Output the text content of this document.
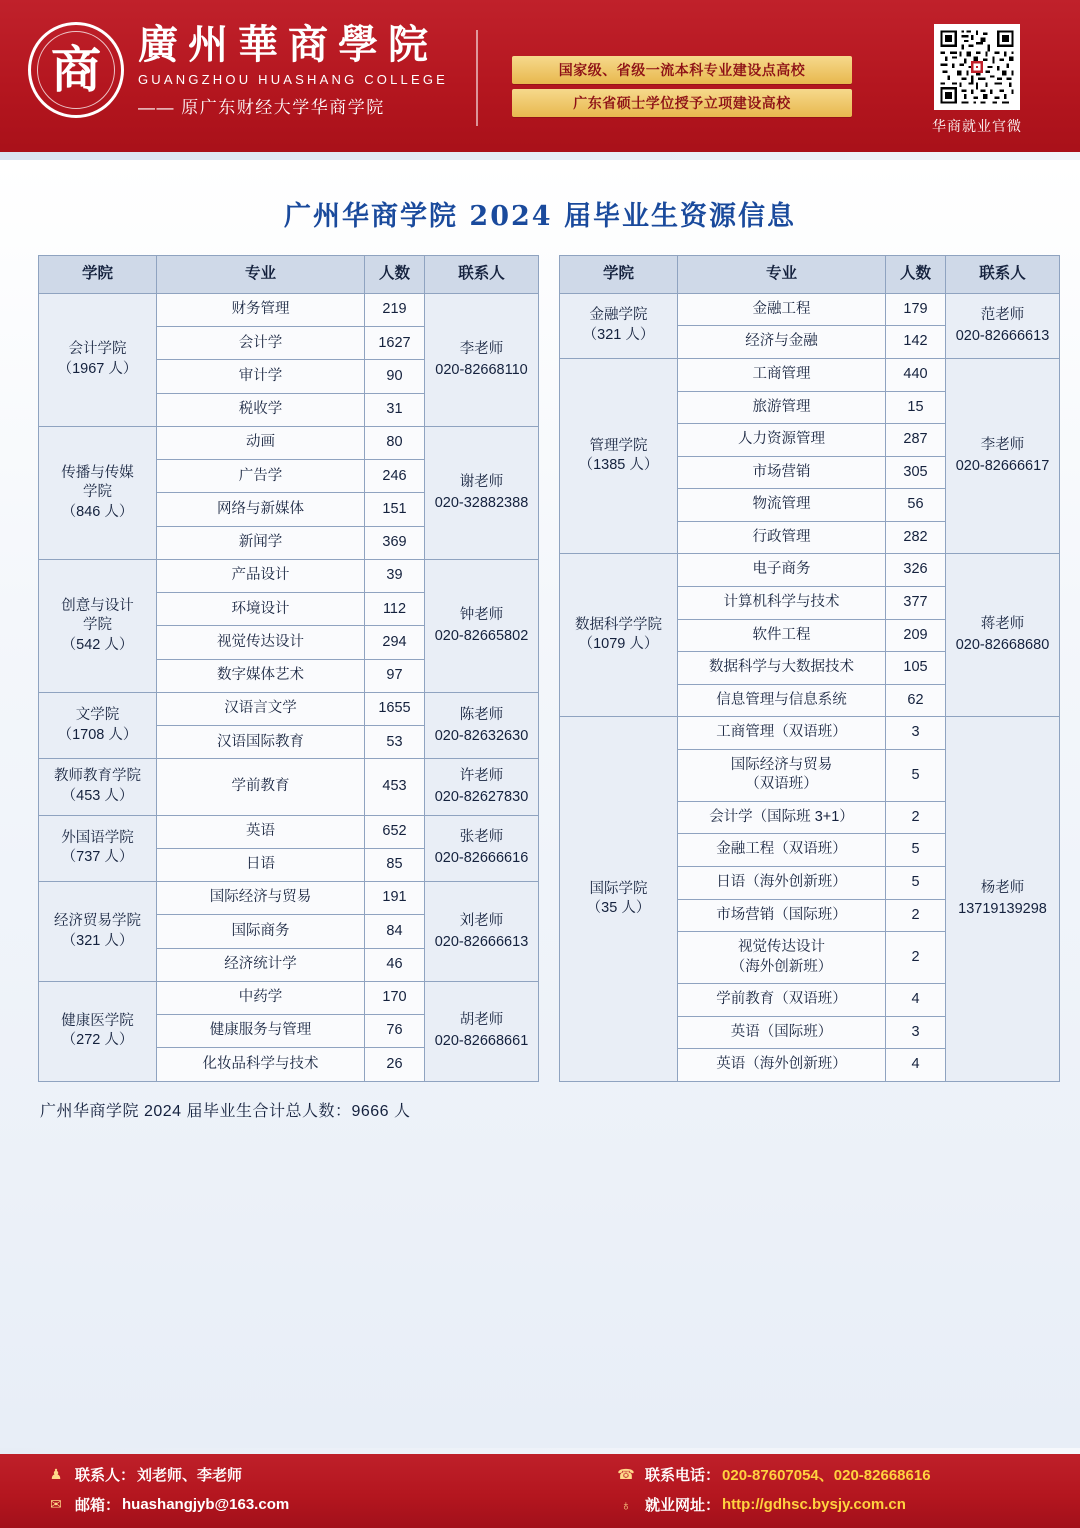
商 廣州華商學院
GUANGZHOU HUASHANG COLLEGE
—— 原广东财经大学华商学院
国家级、省级一流本科专业建设点高校
广东省硕士学位授予立项建设高校
华商就业官微
广州华商学院 2024 届毕业生资源信息
学院	专业	人数	联系人
会计学院
（1967 人）	财务管理	219	李老师
020-82668110
	会计学	1627	
	审计学	90	
	税收学	31	
传播与传媒
学院
（846 人）	动画	80	谢老师
020-32882388
	广告学	246	
	网络与新媒体	151	
	新闻学	369	
创意与设计
学院
（542 人）	产品设计	39	钟老师
020-82665802
	环境设计	112	
	视觉传达设计	294	
	数字媒体艺术	97	
文学院
（1708 人）	汉语言文学	1655	陈老师
020-82632630
	汉语国际教育	53	
教师教育学院
（453 人）	学前教育	453	许老师
020-82627830
外国语学院
（737 人）	英语	652	张老师
020-82666616
	日语	85	
经济贸易学院
（321 人）	国际经济与贸易	191	刘老师
020-82666613
	国际商务	84	
	经济统计学	46	
健康医学院
（272 人）	中药学	170	胡老师
020-82668661
	健康服务与管理	76	
	化妆品科学与技术	26	
学院	专业	人数	联系人
金融学院
（321 人）	金融工程	179	范老师
020-82666613
	经济与金融	142	
管理学院
（1385 人）	工商管理	440	李老师
020-82666617
	旅游管理	15	
	人力资源管理	287	
	市场营销	305	
	物流管理	56	
	行政管理	282	
数据科学学院
（1079 人）	电子商务	326	蒋老师
020-82668680
	计算机科学与技术	377	
	软件工程	209	
	数据科学与大数据技术	105	
	信息管理与信息系统	62	
国际学院
（35 人）	工商管理（双语班）	3	杨老师
13719139298
	国际经济与贸易
（双语班）	5	
	会计学（国际班 3+1）	2	
	金融工程（双语班）	5	
	日语（海外创新班）	5	
	市场营销（国际班）	2	
	视觉传达设计
（海外创新班）	2	
	学前教育（双语班）	4	
	英语（国际班）	3	
	英语（海外创新班）	4	
广州华商学院 2024 届毕业生合计总人数：9666 人
♟ 联系人： 刘老师、李老师
✉ 邮箱： huashangjyb@163.com
☎ 联系电话： 020-87607054、020-82668616
♁ 就业网址： http://gdhsc.bysjy.com.cn
